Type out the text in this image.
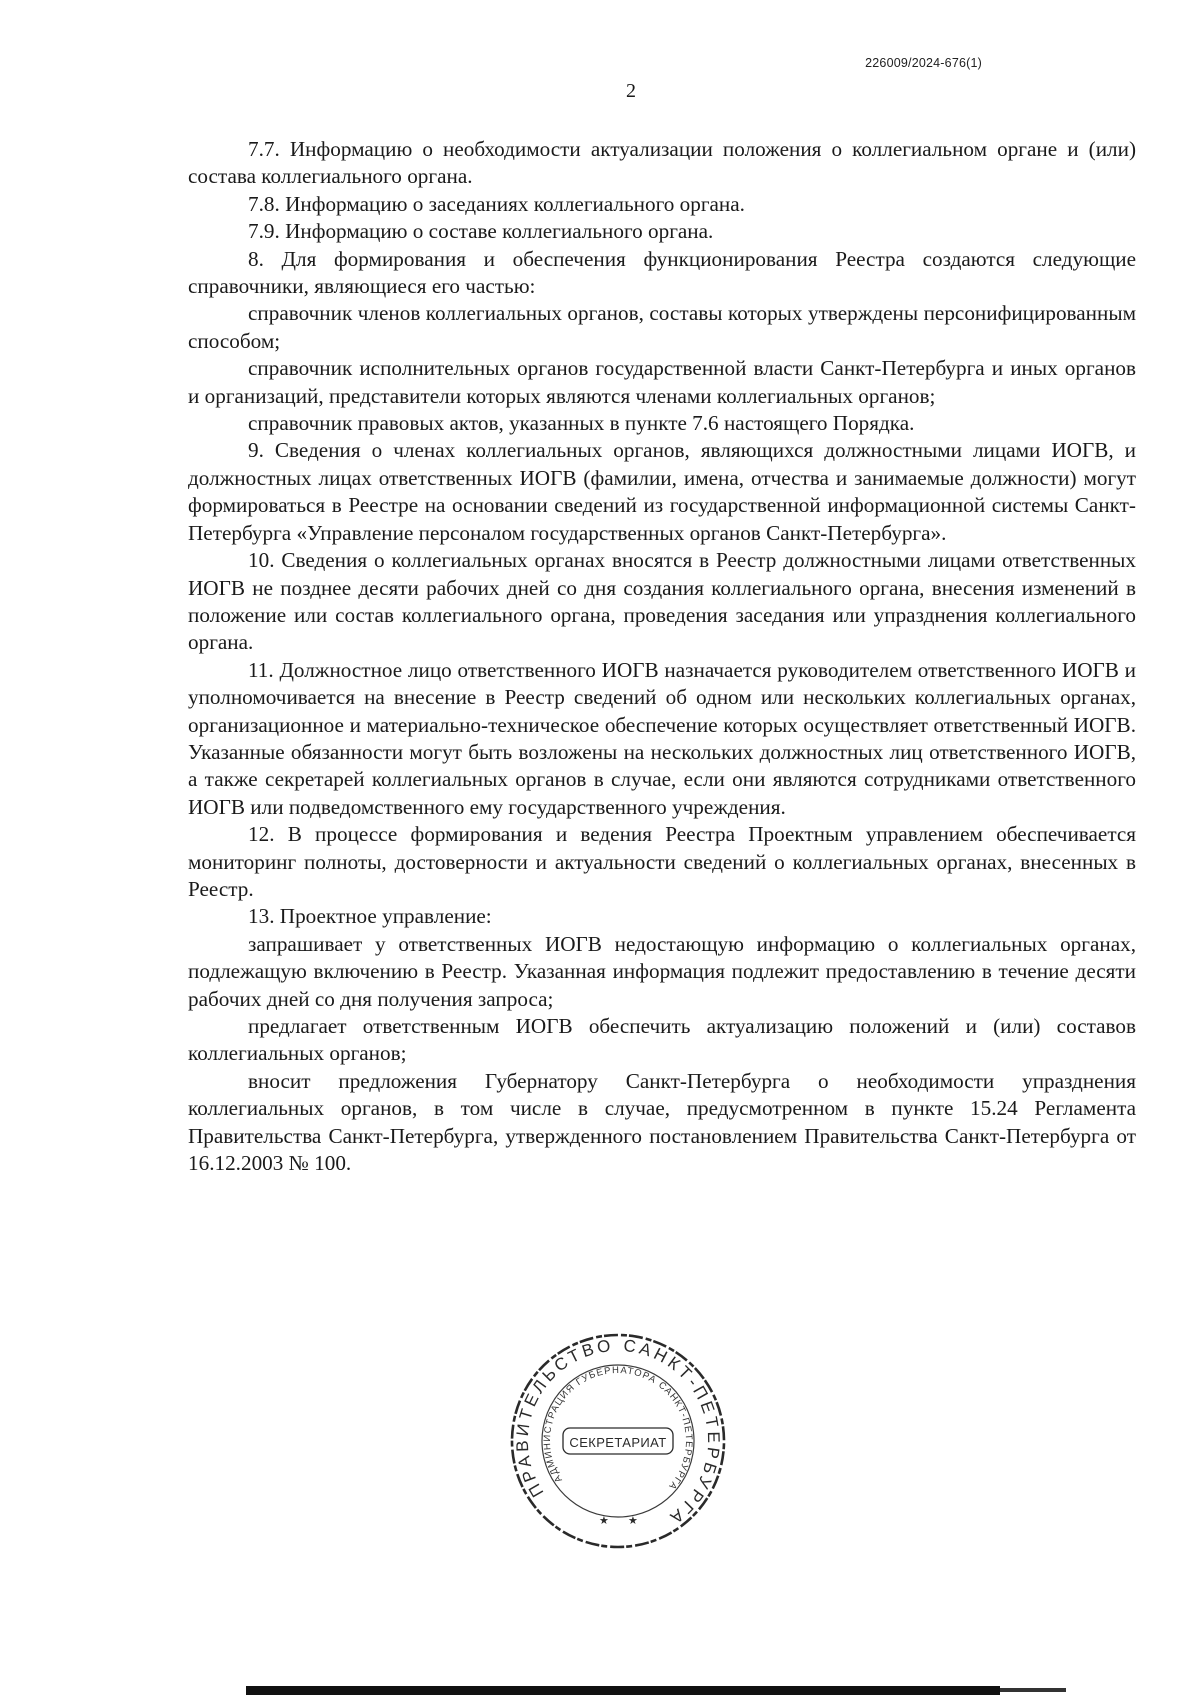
226009/2024-676(1)
2

7.7. Информацию о необходимости актуализации положения о коллегиальном органе и (или) состава коллегиального органа.

7.8. Информацию о заседаниях коллегиального органа.

7.9. Информацию о составе коллегиального органа.

8. Для формирования и обеспечения функционирования Реестра создаются следующие справочники, являющиеся его частью:

справочник членов коллегиальных органов, составы которых утверждены персонифицированным способом;

справочник исполнительных органов государственной власти Санкт-Петербурга и иных органов и организаций, представители которых являются членами коллегиальных органов;

справочник правовых актов, указанных в пункте 7.6 настоящего Порядка.

9. Сведения о членах коллегиальных органов, являющихся должностными лицами ИОГВ, и должностных лицах ответственных ИОГВ (фамилии, имена, отчества и занимаемые должности) могут формироваться в Реестре на основании сведений из государственной информационной системы Санкт-Петербурга «Управление персоналом государственных органов Санкт-Петербурга».

10. Сведения о коллегиальных органах вносятся в Реестр должностными лицами ответственных ИОГВ не позднее десяти рабочих дней со дня создания коллегиального органа, внесения изменений в положение или состав коллегиального органа, проведения заседания или упразднения коллегиального органа.

11. Должностное лицо ответственного ИОГВ назначается руководителем ответственного ИОГВ и уполномочивается на внесение в Реестр сведений об одном или нескольких коллегиальных органах, организационное и материально-техническое обеспечение которых осуществляет ответственный ИОГВ. Указанные обязанности могут быть возложены на нескольких должностных лиц ответственного ИОГВ, а также секретарей коллегиальных органов в случае, если они являются сотрудниками ответственного ИОГВ или подведомственного ему государственного учреждения.

12. В процессе формирования и ведения Реестра Проектным управлением обеспечивается мониторинг полноты, достоверности и актуальности сведений о коллегиальных органах, внесенных в Реестр.

13. Проектное управление:

запрашивает у ответственных ИОГВ недостающую информацию о коллегиальных органах, подлежащую включению в Реестр. Указанная информация подлежит предоставлению в течение десяти рабочих дней со дня получения запроса;

предлагает ответственным ИОГВ обеспечить актуализацию положений и (или) составов коллегиальных органов;

вносит предложения Губернатору Санкт-Петербурга о необходимости упразднения коллегиальных органов, в том числе в случае, предусмотренном в пункте 15.24 Регламента Правительства Санкт-Петербурга, утвержденного постановлением Правительства Санкт-Петербурга от 16.12.2003 № 100.

ПРАВИТЕЛЬСТВО САНКТ-ПЕТЕРБУРГА
АДМИНИСТРАЦИЯ ГУБЕРНАТОРА САНКТ-ПЕТЕРБУРГА
СЕКРЕТАРИАТ
★ ★
